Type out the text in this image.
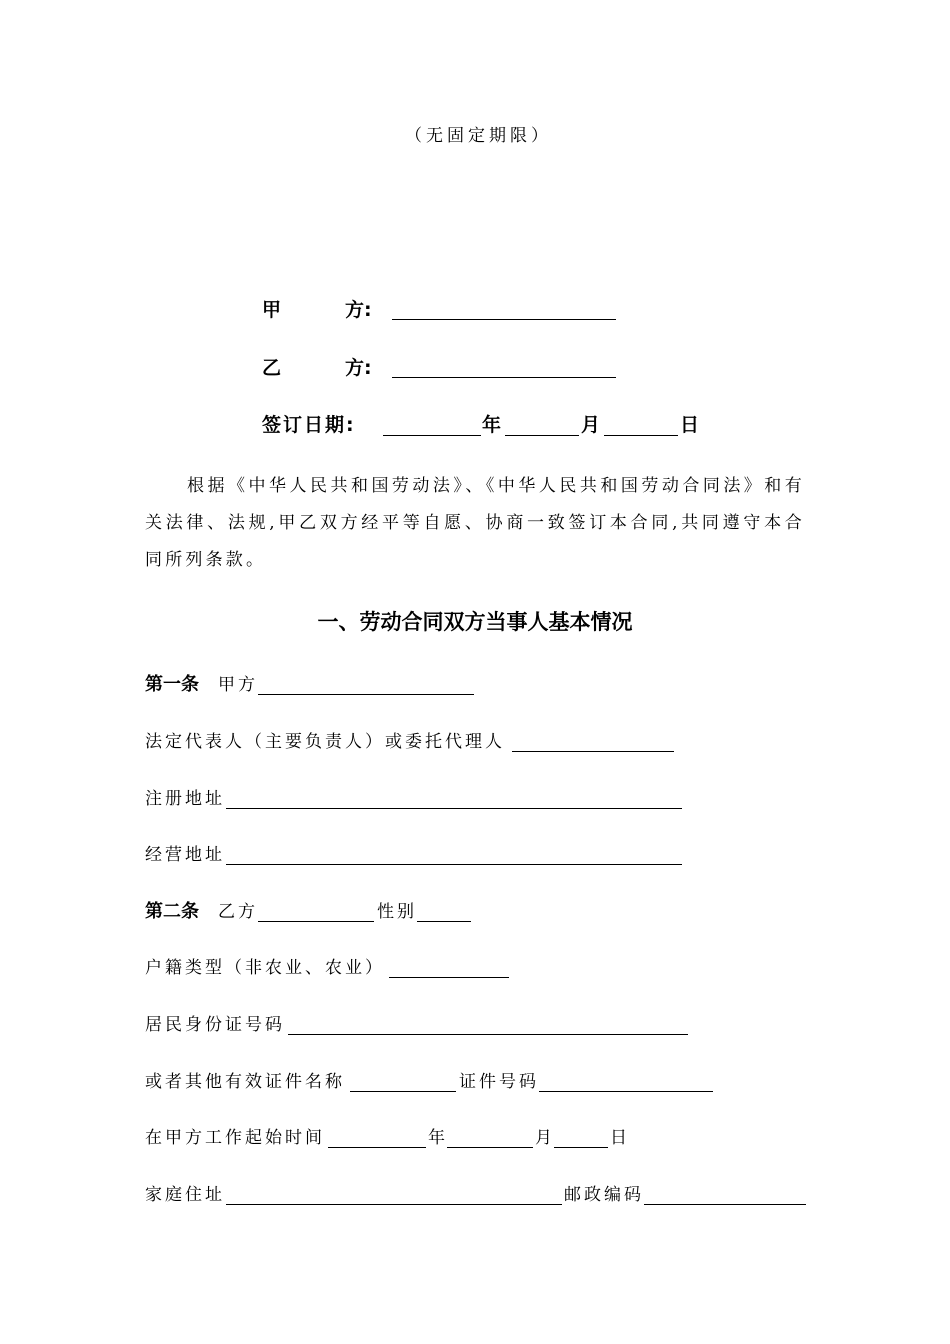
（无固定期限）
甲	方:
乙	方:
签订日期:	年	月	日
根据《中华人民共和国劳动法》、《中华人民共和国劳动合同法》和有关法律、法规,甲乙双方经平等自愿、协商一致签订本合同,共同遵守本合同所列条款。
一、劳动合同双方当事人基本情况
第一条 甲方
法定代表人（主要负责人）或委托代理人
注册地址
经营地址
第二条 乙方	性别
户籍类型（非农业、农业）
居民身份证号码
或者其他有效证件名称	证件号码
在甲方工作起始时间	年	月	日
家庭住址	邮政编码
